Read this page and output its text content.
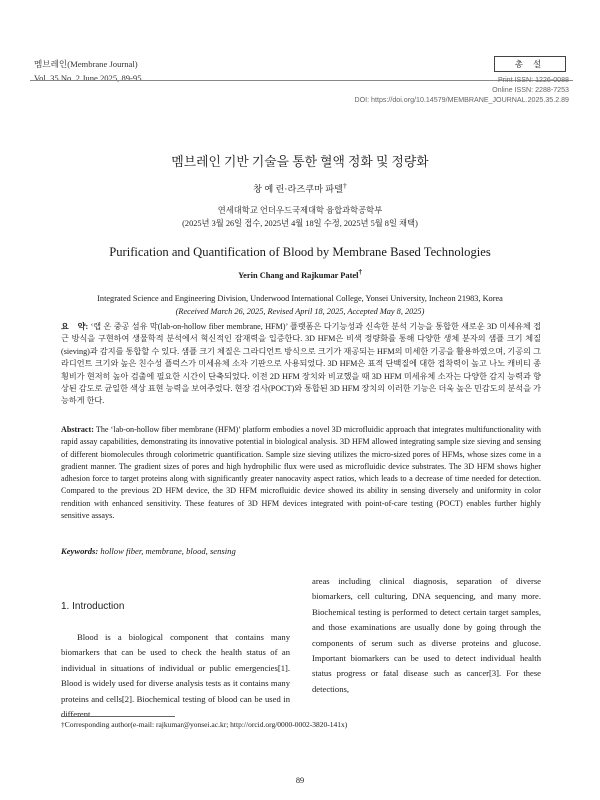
멤브레인(Membrane Journal)
Vol. 35 No. 2 June 2025, 89-95
총 설
Print ISSN: 1226-0088
Online ISSN: 2288-7253
DOI: https://doi.org/10.14579/MEMBRANE_JOURNAL.2025.35.2.89
멤브레인 기반 기술을 통한 혈액 정화 및 정량화
창 예 린·라즈쿠마 파텔†
연세대학교 언더우드국제대학 융합과학공학부
(2025년 3월 26일 접수, 2025년 4월 18일 수정, 2025년 5월 8일 채택)
Purification and Quantification of Blood by Membrane Based Technologies
Yerin Chang and Rajkumar Patel†
Integrated Science and Engineering Division, Underwood International College, Yonsei University, Incheon 21983, Korea
(Received March 26, 2025, Revised April 18, 2025, Accepted May 8, 2025)
요　약: ‘랩 온 중공 섬유 막(lab-on-hollow fiber membrane, HFM)’ 플랫폼은 다기능성과 신속한 분석 기능을 통합한 새로운 3D 미세유체 접근 방식을 구현하여 생물학적 분석에서 혁신적인 잠재력을 입증한다. 3D HFM은 비색 정량화를 통해 다양한 생체 분자의 샘플 크기 체질(sieving)과 감지를 통합할 수 있다. 샘플 크기 체질은 그라디언트 방식으로 크기가 재공되는 HFM의 미세한 기공을 활용하였으며, 기공의 그라디언트 크기와 높은 친수성 플럭스가 미세유체 소자 기판으로 사용되었다. 3D HFM은 표적 단백질에 대한 접착력이 높고 나노 캐비티 종횡비가 현저히 높아 검출에 필요한 시간이 단축되었다. 이전 2D HFM 장치와 비교했을 때 3D HFM 미세유체 소자는 다양한 감지 능력과 향상된 감도로 균일한 색상 표현 능력을 보여주었다. 현장 검사(POCT)와 통합된 3D HFM 장치의 이러한 기능은 더욱 높은 민감도의 분석을 가능하게 한다.
Abstract: The ‘lab-on-hollow fiber membrane (HFM)’ platform embodies a novel 3D microfluidic approach that integrates multifunctionality with rapid assay capabilities, demonstrating its innovative potential in biological analysis. 3D HFM allowed integrating sample size sieving and sensing of different biomolecules through colorimetric quantification. Sample size sieving utilizes the micro-sized pores of HFMs, whose sizes come in a gradient manner. The gradient sizes of pores and high hydrophilic flux were used as microfluidic device substrates. The 3D HFM shows higher adhesion force to target proteins along with significantly greater nanocavity aspect ratios, which leads to a decrease of time needed for detection. Compared to the previous 2D HFM device, the 3D HFM microfluidic device showed its ability in sensing diversely and uniformity in color rendition with enhanced sensitivity. These features of 3D HFM devices integrated with point-of-care testing (POCT) enables further highly sensitive assays.
Keywords: hollow fiber, membrane, blood, sensing
1. Introduction

Blood is a biological component that contains many biomarkers that can be used to check the health status of an individual in situations of individual or public emergencies[1]. Blood is widely used for diverse analysis tests as it contains many proteins and cells[2]. Biochemical testing of blood can be used in different

areas including clinical diagnosis, separation of diverse biomarkers, cell culturing, DNA sequencing, and many more. Biochemical testing is performed to detect certain target samples, and those examinations are usually done by going through the components of serum such as diverse proteins and glucose. Important biomarkers can be used to detect individual health status progress or fatal disease such as cancer[3]. For these detections,

†Corresponding author(e-mail: rajkumar@yonsei.ac.kr; http://orcid.org/0000-0002-3820-141x)
89
